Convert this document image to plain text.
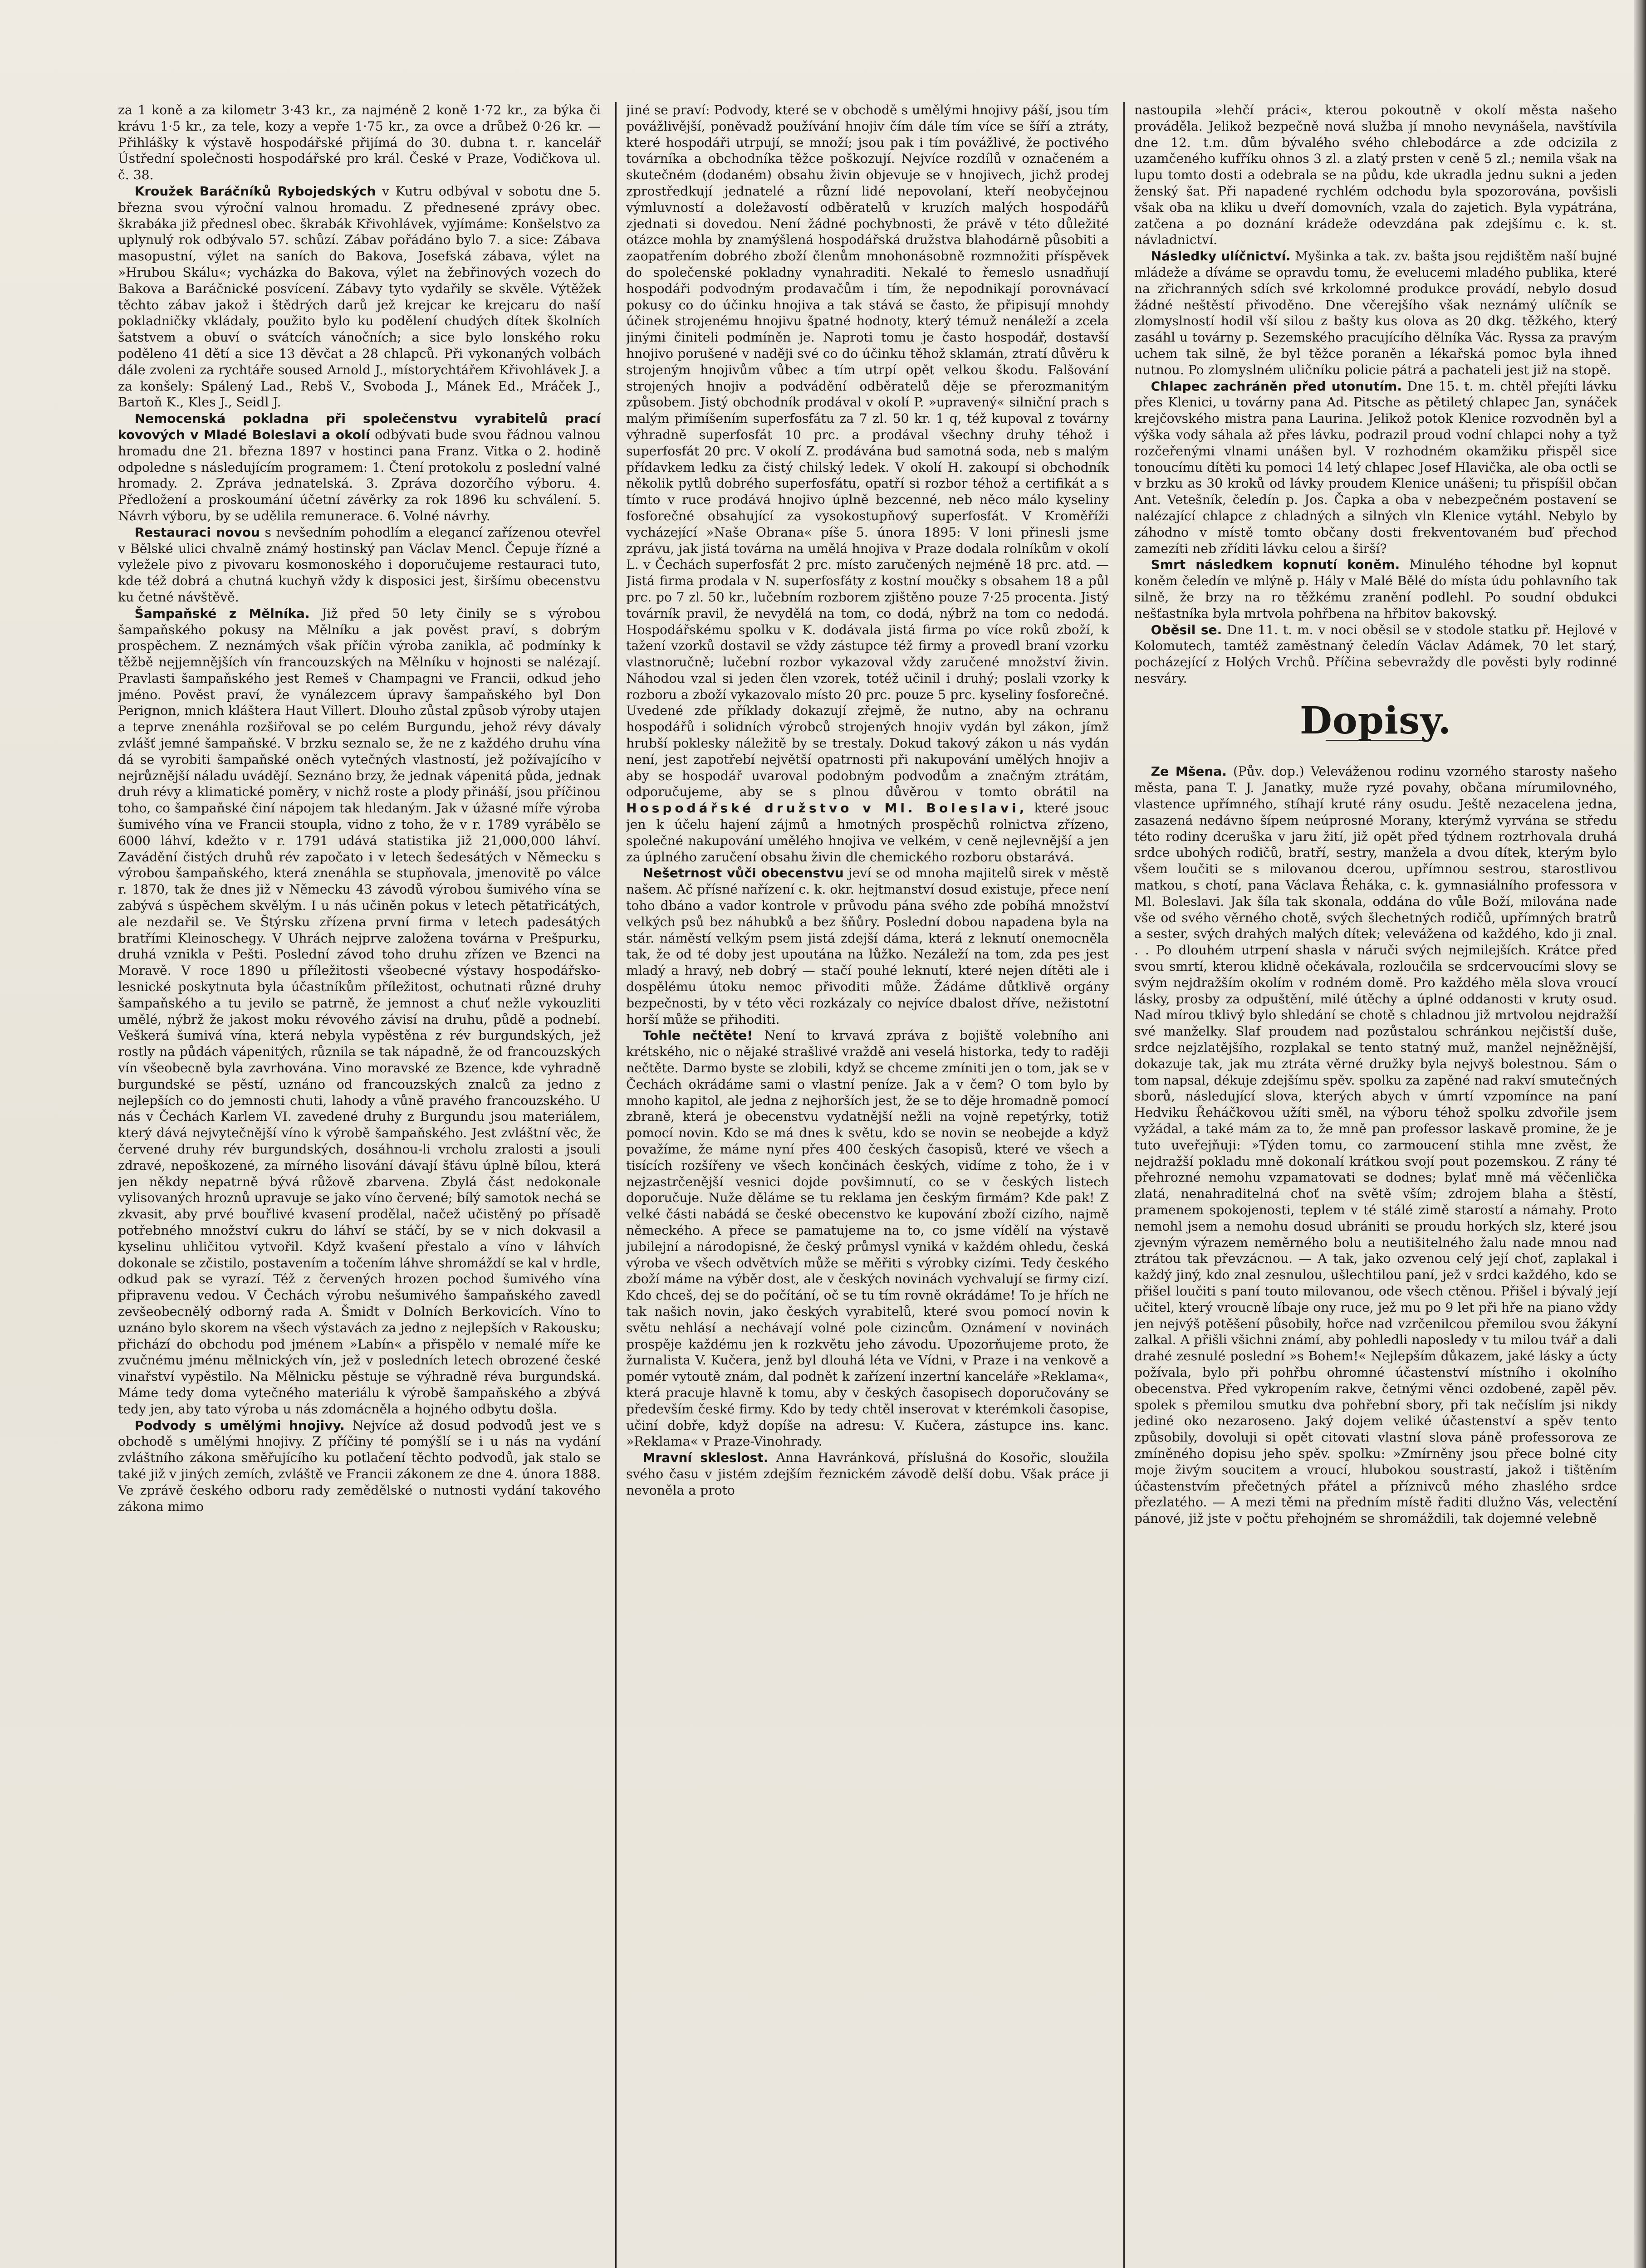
za 1 koně a za kilometr 3·43 kr., za najméně 2 koně 1·72 kr., za býka či krávu 1·5 kr., za tele, kozy a vepře 1·75 kr., za ovce a drůbež 0·26 kr. — Přihlášky k výstavě hospodářské přijímá do 30. dubna t. r. kancelář Ústřední společnosti hospodářské pro král. České v Praze, Vodičkova ul. č. 38.

Kroužek Baráčníků Rybojedských v Kutru odbýval v sobotu dne 5. března svou výroční valnou hromadu. Z přednesené zprávy obec. škrabáka již přednesl obec. škrabák Křivohlávek, vyjímáme: Konšelstvo za uplynulý rok odbývalo 57. schůzí. Zábav pořádáno bylo 7. a sice: Zábava masopustní, výlet na saních do Bakova, Josefská zábava, výlet na »Hrubou Skálu«; vycházka do Bakova, výlet na žebřinových vozech do Bakova a Baráčnické posvícení. Zábavy tyto vydařily se skvěle. Výtěžek těchto zábav jakož i štědrých darů jež krejcar ke krejcaru do naší pokladničky vkládaly, použito bylo ku podělení chudých dítek školních šatstvem a obuví o svátcích vánočních; a sice bylo lonského roku poděleno 41 dětí a sice 13 děvčat a 28 chlapců. Při vykonaných volbách dále zvoleni za rychtáře soused Arnold J., místorychtářem Křivohlávek J. a za konšely: Spálený Lad., Rebš V., Svoboda J., Mánek Ed., Mráček J., Bartoň K., Kles J., Seidl J.

Nemocenská pokladna při společenstvu vyrabitelů prací kovových v Mladé Boleslavi a okolí odbývati bude svou řádnou valnou hromadu dne 21. března 1897 v hostinci pana Franz. Vitka o 2. hodině odpoledne s následujícím programem: 1. Čtení protokolu z poslední valné hromady. 2. Zpráva jednatelská. 3. Zpráva dozorčího výboru. 4. Předložení a proskoumání účetní závěrky za rok 1896 ku schválení. 5. Návrh výboru, by se udělila remunerace. 6. Volné návrhy.

Restauraci novou s nevšedním pohodlím a elegancí zařízenou otevřel v Bělské ulici chvalně známý hostinský pan Václav Mencl. Čepuje řízné a vyležele pivo z pivovaru kosmonoského i doporučujeme restauraci tuto, kde též dobrá a chutná kuchyň vždy k disposici jest, širšímu obecenstvu ku četné návštěvě.

Šampaňské z Mělníka. Již před 50 lety činily se s výrobou šampaňského pokusy na Mělníku a jak pověst praví, s dobrým prospěchem. Z neznámých však příčin výroba zanikla, ač podmínky k těžbě nejjemnějších vín francouzských na Mělníku v hojnosti se nalézají. Pravlasti šampaňského jest Remeš v Champagni ve Francii, odkud jeho jméno. Pověst praví, že vynálezcem úpravy šampaňského byl Don Perignon, mnich kláštera Haut Villert. Dlouho zůstal způsob výroby utajen a teprve znenáhla rozšiřoval se po celém Burgundu, jehož révy dávaly zvlášť jemné šampaňské. V brzku seznalo se, že ne z každého druhu vína dá se vyrobiti šampaňské oněch vytečných vlastností, jež požívajícího v nejrůznější náladu uvádějí. Seznáno brzy, že jednak vápenitá půda, jednak druh révy a klimatické poměry, v nichž roste a plody přináší, jsou příčinou toho, co šampaňské činí nápojem tak hledaným. Jak v úžasné míře výroba šumivého vína ve Francii stoupla, vidno z toho, že v r. 1789 vyrábělo se 6000 láhví, kdežto v r. 1791 udává statistika již 21,000,000 láhví. Zavádění čistých druhů rév započato i v letech šedesátých v Německu s výrobou šampaňského, která znenáhla se stupňovala, jmenovitě po válce r. 1870, tak že dnes již v Německu 43 závodů výrobou šumivého vína se zabývá s úspěchem skvělým. I u nás učiněn pokus v letech pětatřicátých, ale nezdařil se. Ve Štýrsku zřízena první firma v letech padesátých bratřími Kleinoschegy. V Uhrách nejprve založena továrna v Prešpurku, druhá vznikla v Pešti. Poslední závod toho druhu zřízen ve Bzenci na Moravě. V roce 1890 u příležitosti všeobecné výstavy hospodářsko-lesnické poskytnuta byla účastníkům příležitost, ochutnati různé druhy šampaňského a tu jevilo se patrně, že jemnost a chuť nežle vykouzliti umělé, nýbrž že jakost moku révového závisí na druhu, půdě a podnebí. Veškerá šumivá vína, která nebyla vypěstěna z rév burgundských, jež rostly na půdách vápenitých, různila se tak nápadně, že od francouzských vín všeobecně byla zavrhována. Vino moravské ze Bzence, kde vyhradně burgundské se pěstí, uznáno od francouzských znalců za jedno z nejlepších co do jemnosti chuti, lahody a vůně pravého francouzského. U nás v Čechách Karlem VI. zavedené druhy z Burgundu jsou materiálem, který dává nejvytečnější víno k výrobě šampaňského. Jest zvláštní věc, že červené druhy rév burgundských, dosáhnou-li vrcholu zralosti a jsouli zdravé, nepoškozené, za mírného lisování dávají šťávu úplně bílou, která jen někdy nepatrně bývá růžově zbarvena. Zbylá část nedokonale vylisovaných hroznů upravuje se jako víno červené; bílý samotok nechá se zkvasit, aby prvé bouřlivé kvasení prodělal, načež učistěný po přísadě potřebného množství cukru do láhví se stáčí, by se v nich dokvasil a kyselinu uhličitou vytvořil. Když kvašení přestalo a víno v láhvích dokonale se zčistilo, postavením a točením láhve shromáždí se kal v hrdle, odkud pak se vyrazí. Též z červených hrozen pochod šumivého vína připravenu vedou. V Čechách výrobu nešumivého šampaňského zavedl zevšeobecnělý odborný rada A. Šmidt v Dolních Berkovicích. Víno to uznáno bylo skorem na všech výstavách za jedno z nejlepších v Rakousku; přichází do obchodu pod jménem »Labín« a přispělo v nemalé míře ke zvučnému jménu mělnických vín, jež v posledních letech obrozené české vinařství vypěstilo. Na Mělnicku pěstuje se výhradně réva burgundská. Máme tedy doma vytečného materiálu k výrobě šampaňského a zbývá tedy jen, aby tato výroba u nás zdomácněla a hojného odbytu došla.

Podvody s umělými hnojivy. Nejvíce až dosud podvodů jest ve s obchodě s umělými hnojivy. Z příčiny té pomýšlí se i u nás na vydání zvláštního zákona směřujícího ku potlačení těchto podvodů, jak stalo se také již v jiných zemích, zvláště ve Francii zákonem ze dne 4. února 1888. Ve zprávě českého odboru rady zemědělské o nutnosti vydání takového zákona mimo

jiné se praví: Podvody, které se v obchodě s umělými hnojivy páší, jsou tím povážlivější, poněvadž používání hnojiv čím dále tím více se šíří a ztráty, které hospodáři utrpují, se množí; jsou pak i tím povážlivé, že poctivého továrníka a obchodníka těžce poškozují. Nejvíce rozdílů v označeném a skutečném (dodaném) obsahu živin objevuje se v hnojivech, jichž prodej zprostředkují jednatelé a různí lidé nepovolaní, kteří neobyčejnou výmluvností a doležavostí odběratelů v kruzích malých hospodářů zjednati si dovedou. Není žádné pochybnosti, že právě v této důležité otázce mohla by znamýšlená hospodářská družstva blahodárně působiti a zaopatřením dobrého zboží členům mnohonásobně rozmnožiti příspěvek do společenské pokladny vynahraditi. Nekalé to řemeslo usnadňují hospodáři podvodným prodavačům i tím, že nepodnikají porovnávací pokusy co do účinku hnojiva a tak stává se často, že připisují mnohdy účinek strojenému hnojivu špatné hodnoty, který témuž nenáleží a zcela jinými činiteli podmíněn je. Naproti tomu je často hospodář, dostavší hnojivo porušené v naději své co do účinku těhož sklamán, ztratí důvěru k strojeným hnojivům vůbec a tím utrpí opět velkou škodu. Falšování strojených hnojiv a podvádění odběratelů děje se přerozmanitým způsobem. Jistý obchodník prodával v okolí P. »upravený« silniční prach s malým přimíšením superfosfátu za 7 zl. 50 kr. 1 q, též kupoval z továrny výhradně superfosfát 10 prc. a prodával všechny druhy téhož i superfosfát 20 prc. V okolí Z. prodávána bud samotná soda, neb s malým přídavkem ledku za čistý chilský ledek. V okolí H. zakoupí si obchodník několik pytlů dobrého superfosfátu, opatří si rozbor téhož a certifikát a s tímto v ruce prodává hnojivo úplně bezcenné, neb něco málo kyseliny fosforečné obsahující za vysokostupňový superfosfát. V Kroměříži vycházející »Naše Obrana« píše 5. února 1895: V loni přinesli jsme zprávu, jak jistá továrna na umělá hnojiva v Praze dodala rolníkům v okolí L. v Čechách superfosfát 2 prc. místo zaručených nejméně 18 prc. atd. — Jistá firma prodala v N. superfosfáty z kostní moučky s obsahem 18 a půl prc. po 7 zl. 50 kr., lučebním rozborem zjištěno pouze 7·25 procenta. Jistý továrník pravil, že nevydělá na tom, co dodá, nýbrž na tom co nedodá. Hospodářskému spolku v K. dodávala jistá firma po více roků zboží, k tažení vzorků dostavil se vždy zástupce též firmy a provedl braní vzorku vlastnoručně; lučební rozbor vykazoval vždy zaručené množství živin. Náhodou vzal si jeden člen vzorek, totéž učinil i druhý; poslali vzorky k rozboru a zboží vykazovalo místo 20 prc. pouze 5 prc. kyseliny fosforečné. Uvedené zde příklady dokazují zřejmě, že nutno, aby na ochranu hospodářů i solidních výrobců strojených hnojiv vydán byl zákon, jímž hrubší poklesky náležitě by se trestaly. Dokud takový zákon u nás vydán není, jest zapotřebí největší opatrnosti při nakupování umělých hnojiv a aby se hospodář uvaroval podobným podvodům a značným ztrátám, odporučujeme, aby se s plnou důvěrou v tomto obrátil na Hospodářské družstvo v Ml. Boleslavi, které jsouc jen k účelu hajení zájmů a hmotných prospěchů rolnictva zřízeno, společné nakupování umělého hnojiva ve velkém, v ceně nejlevnější a jen za úplného zaručení obsahu živin dle chemického rozboru obstarává.

Nešetrnost vůči obecenstvu jeví se od mnoha majitelů sirek v městě našem. Ač přísné nařízení c. k. okr. hejtmanství dosud existuje, přece není toho dbáno a vador kontrole v průvodu pána svého zde pobíhá množství velkých psů bez náhubků a bez šňůry. Poslední dobou napadena byla na stár. náměstí velkým psem jistá zdejší dáma, která z leknutí onemocněla tak, že od té doby jest upoutána na lůžko. Nezáleží na tom, zda pes jest mladý a hravý, neb dobrý — stačí pouhé leknutí, které nejen dítěti ale i dospělému útoku nemoc přivoditi může. Žádáme důtklivě orgány bezpečnosti, by v této věci rozkázaly co nejvíce dbalost dříve, nežistotní horší může se přihoditi.

Tohle nečtěte! Není to krvavá zpráva z bojiště volebního ani krétského, nic o nějaké strašlivé vraždě ani veselá historka, tedy to raději nečtěte. Darmo byste se zlobili, když se chceme zmíniti jen o tom, jak se v Čechách okrádáme sami o vlastní peníze. Jak a v čem? O tom bylo by mnoho kapitol, ale jedna z nejhorších jest, že se to děje hromadně pomocí zbraně, která je obecenstvu vydatnější nežli na vojně repetýrky, totiž pomocí novin. Kdo se má dnes k světu, kdo se novin se neobejde a když považíme, že máme nyní přes 400 českých časopisů, které ve všech a tisících rozšířeny ve všech končinách českých, vidíme z toho, že i v nejzastrčenější vesnici dojde povšimnutí, co se v českých listech doporučuje. Nuže děláme se tu reklama jen českým firmám? Kde pak! Z velké části nabádá se české obecenstvo ke kupování zboží cizího, najmě německého. A přece se pamatujeme na to, co jsme vídělí na výstavě jubilejní a národopisné, že český průmysl vyniká v každém ohledu, česká výroba ve všech odvětvích může se měřiti s výrobky cizími. Tedy českého zboží máme na výběr dost, ale v českých novinách vychvalují se firmy cizí. Kdo chceš, dej se do počítání, oč se tu tím rovně okrádáme! To je hřích ne tak našich novin, jako českých vyrabitelů, které svou pomocí novin k světu nehlásí a nechávají volné pole cizincům. Oznámení v novinách prospěje každému jen k rozkvětu jeho závodu. Upozorňujeme proto, že žurnalista V. Kučera, jenž byl dlouhá léta ve Vídni, v Praze i na venkově a pomér vytoutě znám, dal podnět k zařízení inzertní kanceláře »Reklama«, která pracuje hlavně k tomu, aby v českých časopisech doporučovány se především české firmy. Kdo by tedy chtěl inserovat v kterémkoli časopise, učiní dobře, když dopíše na adresu: V. Kučera, zástupce ins. kanc. »Reklama« v Praze-Vinohrady.

Mravní skleslost. Anna Havránková, příslušná do Kosořic, sloužila svého času v jistém zdejším řeznickém závodě delší dobu. Však práce ji nevoněla a proto

nastoupila »lehčí práci«, kterou pokoutně v okolí města našeho prováděla. Jelikož bezpečně nová služba jí mnoho nevynášela, navštívila dne 12. t.m. dům bývalého svého chlebodárce a zde odcizila z uzamčeného kufříku ohnos 3 zl. a zlatý prsten v ceně 5 zl.; nemila však na lupu tomto dosti a odebrala se na půdu, kde ukradla jednu sukni a jeden ženský šat. Při napadené rychlém odchodu byla spozorována, povšisli však oba na kliku u dveří domovních, vzala do zajetich. Byla vypátrána, zatčena a po doznání krádeže odevzdána pak zdejšímu c. k. st. návladnictví.

Následky ulíčnictví. Myšinka a tak. zv. bašta jsou rejdištěm naší bujné mládeže a díváme se opravdu tomu, že evelucemi mladého publika, které na zřichranných sdích své krkolomné produkce provádí, nebylo dosud žádné neštěstí přivoděno. Dne včerejšího však neznámý ulíčník se zlomyslností hodil vší silou z bašty kus olova as 20 dkg. těžkého, který zasáhl u továrny p. Sezemského pracujícího dělníka Vác. Ryssa za pravým uchem tak silně, že byl těžce poraněn a lékařská pomoc byla ihned nutnou. Po zlomyslném uličníku policie pátrá a pachateli jest již na stopě.

Chlapec zachráněn před utonutím. Dne 15. t. m. chtěl přejíti lávku přes Klenici, u továrny pana Ad. Pitsche as pětiletý chlapec Jan, synáček krejčovského mistra pana Laurina. Jelikož potok Klenice rozvodněn byl a výška vody sáhala až přes lávku, podrazil proud vodní chlapci nohy a tyž rozčeřenými vlnami unášen byl. V rozhodném okamžiku přispěl sice tonoucímu dítěti ku pomoci 14 letý chlapec Josef Hlavička, ale oba octli se v brzku as 30 kroků od lávky proudem Klenice unášeni; tu přispíšil občan Ant. Vetešník, čeledín p. Jos. Čapka a oba v nebezpečném postavení se nalézající chlapce z chladných a silných vln Klenice vytáhl. Nebylo by záhodno v místě tomto občany dosti frekventovaném buď přechod zamezíti neb zříditi lávku celou a širší?

Smrt následkem kopnutí koněm. Minulého téhodne byl kopnut koněm čeledín ve mlýně p. Hály v Malé Bělé do místa údu pohlavního tak silně, že brzy na ro těžkému zranění podlehl. Po soudní obdukci nešťastníka byla mrtvola pohřbena na hřbitov bakovský.

Oběsil se. Dne 11. t. m. v noci oběsil se v stodole statku př. Hejlové v Kolomutech, tamtéž zaměstnaný čeledín Václav Adámek, 70 let starý, pocházející z Holých Vrchů. Příčina sebevraždy dle pověsti byly rodinné nesváry.

Dopisy.

Ze Mšena. (Pův. dop.) Veleváženou rodinu vzorného starosty našeho města, pana T. J. Janatky, muže ryzé povahy, občana mírumilovného, vlastence upřímného, stíhají kruté rány osudu. Ještě nezacelena jedna, zasazená nedávno šípem neúprosné Morany, kterýmž vyrvána se středu této rodiny dceruška v jaru žití, již opět před týdnem roztrhovala druhá srdce ubohých rodičů, bratří, sestry, manžela a dvou dítek, kterým bylo všem loučiti se s milovanou dcerou, upřímnou sestrou, starostlivou matkou, s chotí, pana Václava Řeháka, c. k. gymnasiálního professora v Ml. Boleslavi. Jak šíla tak skonala, oddána do vůle Boží, milována nade vše od svého věrného chotě, svých šlechetných rodičů, upřímných bratrů a sester, svých drahých malých dítek; velevážena od každého, kdo ji znal. . . Po dlouhém utrpení shasla v náruči svých nejmilejších. Krátce před svou smrtí, kterou klidně očekávala, rozloučila se srdcervoucími slovy se svým nejdražším okolím v rodném domě. Pro každého měla slova vroucí lásky, prosby za odpuštění, milé útěchy a úplné oddanosti v kruty osud. Nad mírou tklivý bylo shledání se chotě s chladnou již mrtvolou nejdražší své manželky. Slaf proudem nad pozůstalou schránkou nejčistší duše, srdce nejzlatějšího, rozplakal se tento statný muž, manžel nejněžnější, dokazuje tak, jak mu ztráta věrné družky byla nejvyš bolestnou. Sám o tom napsal, dékuje zdejšímu spěv. spolku za zapěné nad rakví smutečných sborů, následující slova, kterých abych v úmrtí vzpomínce na paní Hedviku Řeháčkovou užíti směl, na výboru téhož spolku zdvořile jsem vyžádal, a také mám za to, že mně pan professor laskavě promine, že je tuto uveřejňuji: »Týden tomu, co zarmoucení stihla mne zvěst, že nejdražší pokladu mně dokonalí krátkou svojí pout pozemskou. Z rány té přehrozné nemohu vzpamatovati se dodnes; bylať mně má věčenlička zlatá, nenahraditelná choť na světě vším; zdrojem blaha a štěstí, pramenem spokojenosti, teplem v té stálé zimě starostí a námahy. Proto nemohl jsem a nemohu dosud ubrániti se proudu horkých slz, které jsou zjevným výrazem neměrného bolu a neutišitelného žalu nade mnou nad ztrátou tak převzácnou. — A tak, jako ozvenou celý její choť, zaplakal i každý jiný, kdo znal zesnulou, ušlechtilou paní, jež v srdci každého, kdo se přišel loučiti s paní touto milovanou, ode všech ctěnou. Přišel i bývalý její učitel, který vroucně líbaje ony ruce, jež mu po 9 let při hře na piano vždy jen nejvýš potěšení působily, hořce nad vzrčenilcou přemilou svou žákyní zalkal. A přišli všichni známí, aby pohledli naposledy v tu milou tvář a dali drahé zesnulé poslední »s Bohem!« Nejlepším důkazem, jaké lásky a úcty požívala, bylo při pohřbu ohromné účastenství místního i okolního obecenstva. Před vykropením rakve, četnými věnci ozdobené, zapěl pěv. spolek s přemilou smutku dva pohřební sbory, při tak nečíslím jsi nikdy jediné oko nezaroseno. Jaký dojem veliké účastenství a spěv tento způsobily, dovoluji si opět citovati vlastní slova páně professorova ze zmíněného dopisu jeho spěv. spolku: »Zmírněny jsou přece bolné city moje živým soucitem a vroucí, hlubokou soustrastí, jakož i tištěním účastenstvím přečetných přátel a příznivců mého zhaslého srdce přezlatého. — A mezi těmi na předním místě řaditi dlužno Vás, velectění pánové, již jste v počtu přehojném se shromáždili, tak dojemné velebně
